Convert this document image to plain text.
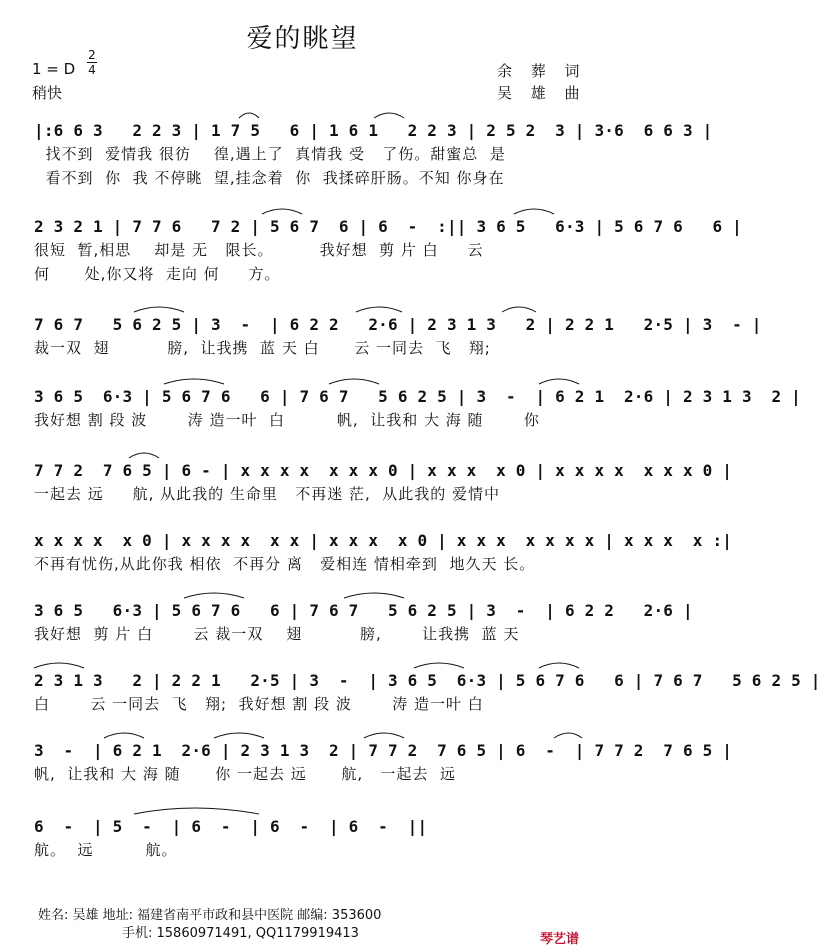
爱的眺望
1 = D
2
4
稍快
余 葬 词
吴 雄 曲
|:6 6 3   2 2 3 | 1 7 5   6 | 1 6 1   2 2 3 | 2 5 2  3 | 3·6  6 6 3 |
找不到  爱情我 很彷    徨,遇上了  真情我 受   了伤。甜蜜总  是
看不到  你  我 不停眺  望,挂念着  你  我揉碎肝肠。不知 你身在
2 3 2 1 | 7 7 6   7 2 | 5 6 7  6 | 6  -  :|| 3 6 5   6·3 | 5 6 7 6   6 |
很短  暂,相思    却是 无   限长。        我好想  剪 片 白     云
何      处,你又将  走向 何     方。
7 6 7   5 6 2 5 | 3  -  | 6 2 2   2·6 | 2 3 1 3   2 | 2 2 1   2·5 | 3  - |
裁一双  翅          膀,  让我携  蓝 天 白      云 一同去  飞   翔;
3 6 5  6·3 | 5 6 7 6   6 | 7 6 7   5 6 2 5 | 3  -  | 6 2 1  2·6 | 2 3 1 3  2 |
我好想 割 段 波       涛 造一叶  白         帆,  让我和 大 海 随       你
7 7 2  7 6 5 | 6 - | x x x x  x x x 0 | x x x  x 0 | x x x x  x x x 0 |
一起去 远     航, 从此我的 生命里   不再迷 茫,  从此我的 爱情中
x x x x  x 0 | x x x x  x x | x x x  x 0 | x x x  x x x x | x x x  x :|
不再有忧伤,从此你我 相依  不再分 离   爱相连 情相牵到  地久天 长。
3 6 5   6·3 | 5 6 7 6   6 | 7 6 7   5 6 2 5 | 3  -  | 6 2 2   2·6 |
我好想  剪 片 白       云 裁一双    翅          膀,       让我携  蓝 天
2 3 1 3   2 | 2 2 1   2·5 | 3  -  | 3 6 5  6·3 | 5 6 7 6   6 | 7 6 7   5 6 2 5 |
白       云 一同去  飞   翔;  我好想 割 段 波       涛 造一叶 白
3  -  | 6 2 1  2·6 | 2 3 1 3  2 | 7 7 2  7 6 5 | 6  -  | 7 7 2  7 6 5 |
帆,  让我和 大 海 随      你 一起去 远      航,   一起去  远
6  -  | 5  -  | 6  -  | 6  -  | 6  -  ||
航。  远         航。
姓名: 吴雄 地址: 福建省南平市政和县中医院 邮编: 353600
手机: 15860971491, QQ1179919413	琴艺谱
